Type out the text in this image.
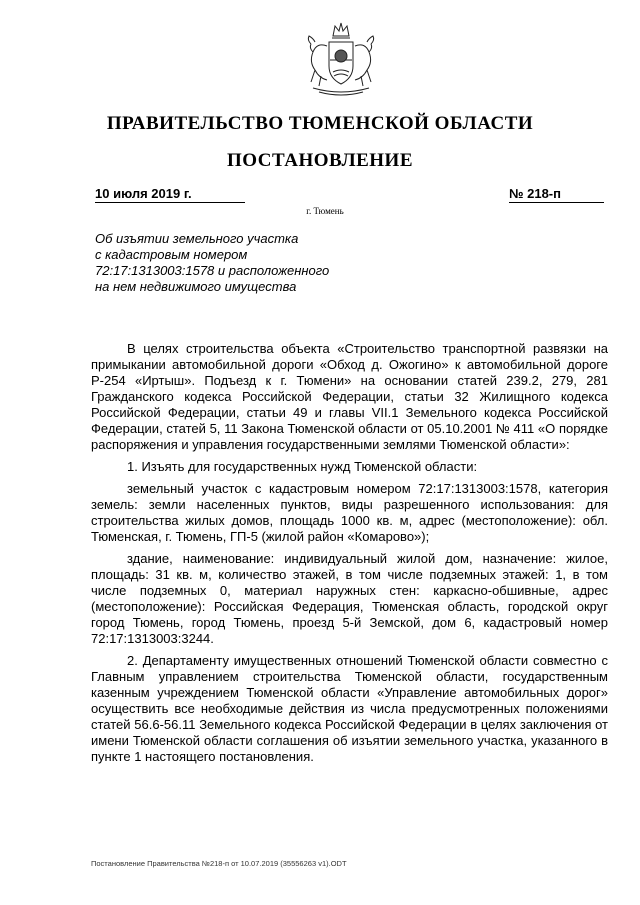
ПРАВИТЕЛЬСТВО ТЮМЕНСКОЙ ОБЛАСТИ
ПОСТАНОВЛЕНИЕ
10 июля 2019 г.	№ 218-п
г. Тюмень
Об изъятии земельного участка
с кадастровым номером
72:17:1313003:1578 и расположенного
на нем недвижимого имущества

В целях строительства объекта «Строительство транспортной развязки на примыкании автомобильной дороги «Обход д. Ожогино» к автомобильной дороге Р-254 «Иртыш». Подъезд к г. Тюмени» на основании статей 239.2, 279, 281 Гражданского кодекса Российской Федерации, статьи 32 Жилищного кодекса Российской Федерации, статьи 49 и главы VII.1 Земельного кодекса Российской Федерации, статей 5, 11 Закона Тюменской области от 05.10.2001 № 411 «О порядке распоряжения и управления государственными землями Тюменской области»:

1. Изъять для государственных нужд Тюменской области:

земельный участок с кадастровым номером 72:17:1313003:1578, категория земель: земли населенных пунктов, виды разрешенного использования: для строительства жилых домов, площадь 1000 кв. м, адрес (местоположение): обл. Тюменская, г. Тюмень, ГП-5 (жилой район «Комарово»);

здание, наименование: индивидуальный жилой дом, назначение: жилое, площадь: 31 кв. м, количество этажей, в том числе подземных этажей: 1, в том числе подземных 0, материал наружных стен: каркасно-обшивные, адрес (местоположение): Российская Федерация, Тюменская область, городской округ город Тюмень, город Тюмень, проезд 5-й Земской, дом 6, кадастровый номер 72:17:1313003:3244.

2. Департаменту имущественных отношений Тюменской области совместно с Главным управлением строительства Тюменской области, государственным казенным учреждением Тюменской области «Управление автомобильных дорог» осуществить все необходимые действия из числа предусмотренных положениями статей 56.6-56.11 Земельного кодекса Российской Федерации в целях заключения от имени Тюменской области соглашения об изъятии земельного участка, указанного в пункте 1 настоящего постановления.

Постановление Правительства №218-п от 10.07.2019 (35556263 v1).ODT
